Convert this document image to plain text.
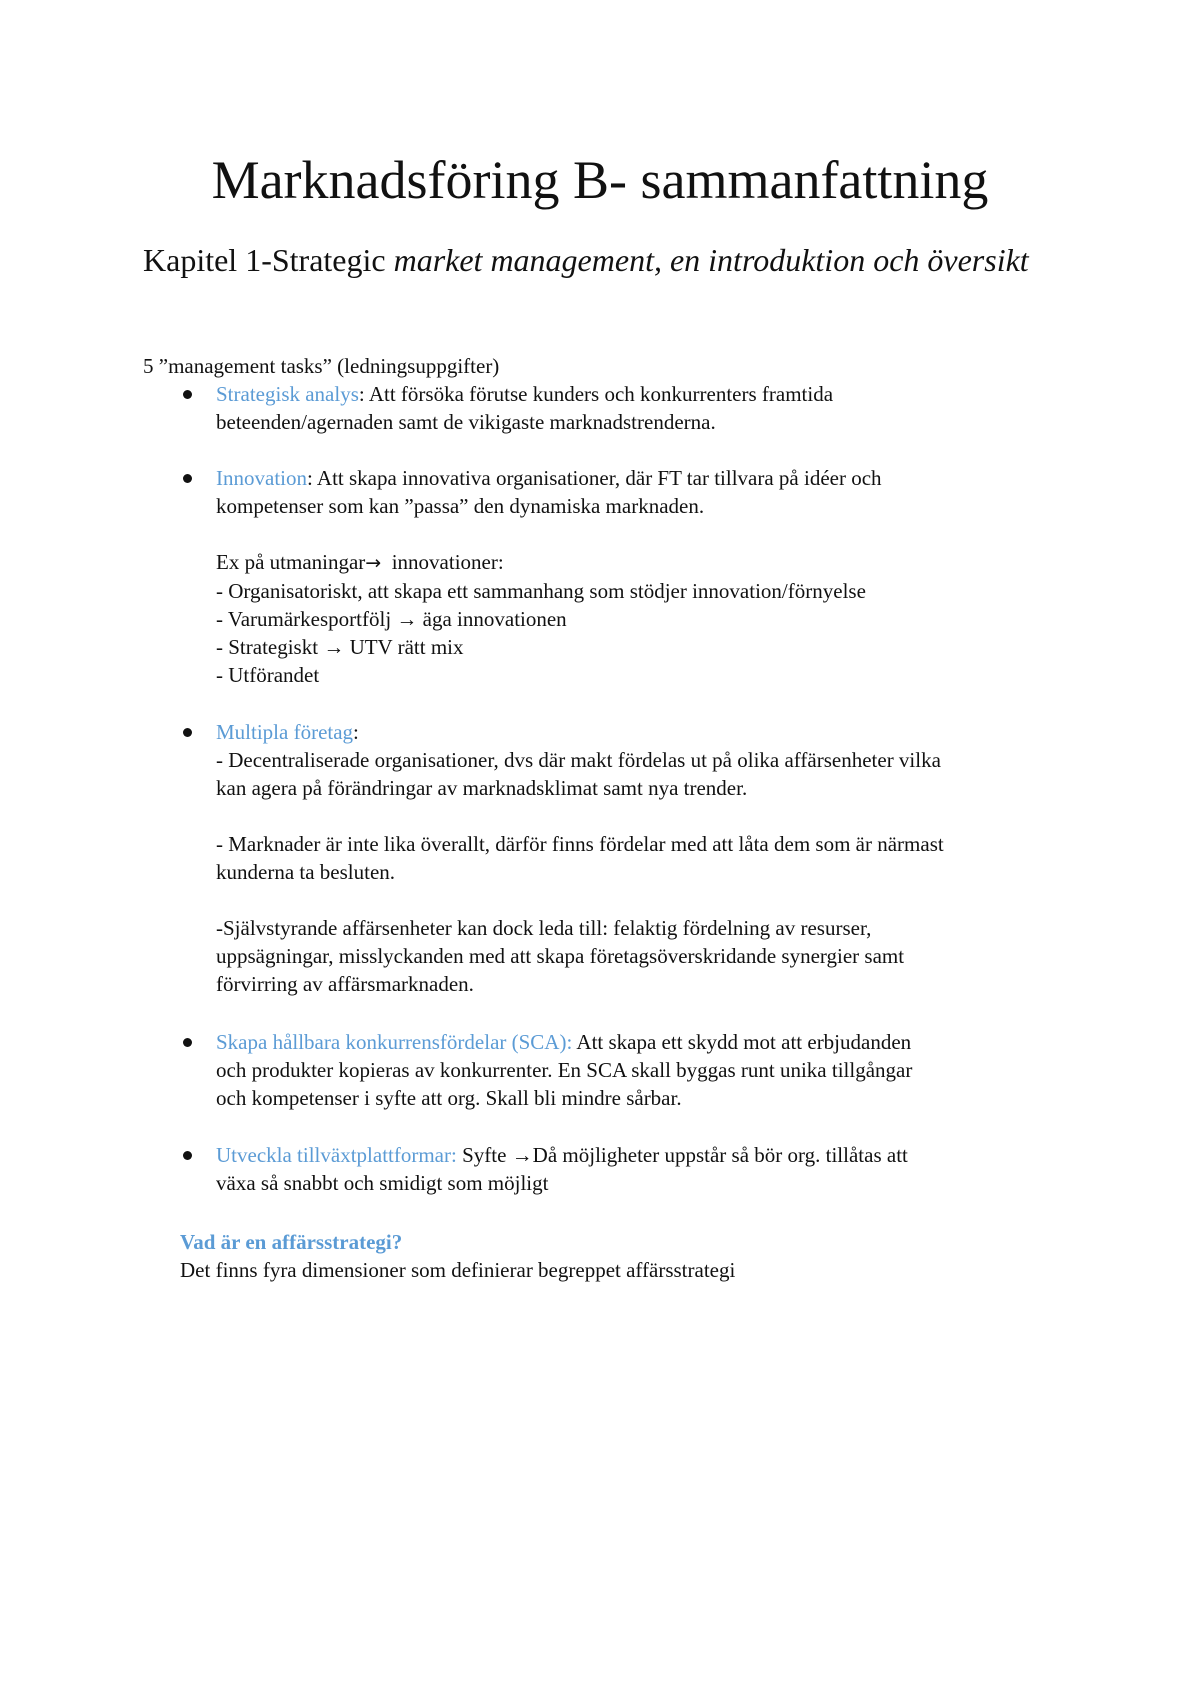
Marknadsföring B- sammanfattning
Kapitel 1-Strategic market management, en introduktion och översikt

5 ”management tasks” (ledningsuppgifter)

Strategisk analys: Att försöka förutse kunders och konkurrenters framtida
beteenden/agernaden samt de vikigaste marknadstrenderna.
Innovation: Att skapa innovativa organisationer, där FT tar tillvara på idéer och
kompetenser som kan ”passa” den dynamiska marknaden.
Ex på utmaningar→  innovationer:
- Organisatoriskt, att skapa ett sammanhang som stödjer innovation/förnyelse
- Varumärkesportfölj → äga innovationen
- Strategiskt → UTV rätt mix
- Utförandet
Multipla företag:
- Decentraliserade organisationer, dvs där makt fördelas ut på olika affärsenheter vilka
kan agera på förändringar av marknadsklimat samt nya trender.
- Marknader är inte lika överallt, därför finns fördelar med att låta dem som är närmast
kunderna ta besluten.
-Självstyrande affärsenheter kan dock leda till: felaktig fördelning av resurser,
uppsägningar, misslyckanden med att skapa företagsöverskridande synergier samt
förvirring av affärsmarknaden.
Skapa hållbara konkurrensfördelar (SCA): Att skapa ett skydd mot att erbjudanden
och produkter kopieras av konkurrenter. En SCA skall byggas runt unika tillgångar
och kompetenser i syfte att org. Skall bli mindre sårbar.
Utveckla tillväxtplattformar: Syfte →Då möjligheter uppstår så bör org. tillåtas att
växa så snabbt och smidigt som möjligt

Vad är en affärsstrategi?

Det finns fyra dimensioner som definierar begreppet affärsstrategi
